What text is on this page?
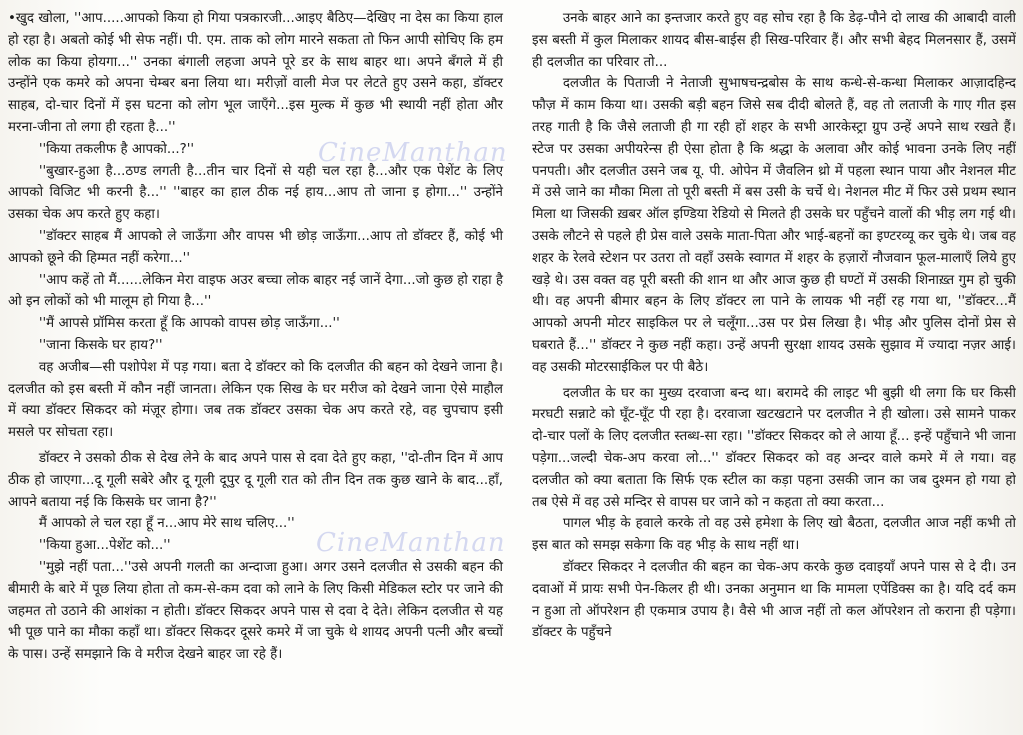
•खुद खोला, ''आप.....आपको किया हो गिया पत्रकारजी...आइए बैठिए—देखिए ना देस का किया हाल हो रहा है। अबतो कोई भी सेफ नहीं। पी. एम. ताक को लोग मारने सकता तो फिन आपी सोचिए कि हम लोक का किया होयगा...'' उनका बंगाली लहजा अपने पूरे डर के साथ बाहर था। अपने बँगले में ही उन्होंने एक कमरे को अपना चेम्बर बना लिया था। मरीज़ों वाली मेज पर लेटते हुए उसने कहा, डॉक्टर साहब, दो-चार दिनों में इस घटना को लोग भूल जाएँगे...इस मुल्क में कुछ भी स्थायी नहीं होता और मरना-जीना तो लगा ही रहता है...''

''किया तकलीफ है आपको...?''

''बुखार-हुआ है...ठण्ड लगती है...तीन चार दिनों से यही चल रहा है...और एक पेशेंट के लिए आपको विजिट भी करनी है...'' ''बाहर का हाल ठीक नई हाय...आप तो जाना इ होगा...'' उन्होंने उसका चेक अप करते हुए कहा।

''डॉक्टर साहब मैं आपको ले जाऊँगा और वापस भी छोड़ जाऊँगा...आप तो डॉक्टर हैं, कोई भी आपको छूने की हिम्मत नहीं करेगा...''

''आप कहें तो मैं......लेकिन मेरा वाइफ अउर बच्चा लोक बाहर नई जानें देगा...जो कुछ हो राहा है ओ इन लोकों को भी मालूम हो गिया है...''

''मैं आपसे प्रॉमिस करता हूँ कि आपको वापस छोड़ जाऊँगा...''

''जाना किसके घर हाय?''

वह अजीब—सी पशोपेश में पड़ गया। बता दे डॉक्टर को कि दलजीत की बहन को देखने जाना है। दलजीत को इस बस्ती में कौन नहीं जानता। लेकिन एक सिख के घर मरीज को देखने जाना ऐसे माहौल में क्या डॉक्टर सिकदर को मंज़ूर होगा। जब तक डॉक्टर उसका चेक अप करते रहे, वह चुपचाप इसी मसले पर सोचता रहा।

डॉक्टर ने उसको ठीक से देख लेने के बाद अपने पास से दवा देते हुए कहा, ''दो-तीन दिन में आप ठीक हो जाएगा...दू गूली सबेरे और दू गूली दूपुर दू गूली रात को तीन दिन तक कुछ खाने के बाद...हाँ, आपने बताया नई कि किसके घर जाना है?''

मैं आपको ले चल रहा हूँ न...आप मेरे साथ चलिए...''

''किया हुआ...पेशेंट को...''

''मुझे नहीं पता...''उसे अपनी गलती का अन्दाजा हुआ। अगर उसने दलजीत से उसकी बहन की बीमारी के बारे में पूछ लिया होता तो कम-से-कम दवा को लाने के लिए किसी मेडिकल स्टोर पर जाने की जहमत तो उठाने की आशंका न होती। डॉक्टर सिकदर अपने पास से दवा दे देते। लेकिन दलजीत से यह भी पूछ पाने का मौका कहाँ था। डॉक्टर सिकदर दूसरे कमरे में जा चुके थे शायद अपनी पत्नी और बच्चों के पास। उन्हें समझाने कि वे मरीज देखने बाहर जा रहे हैं।

उनके बाहर आने का इन्तजार करते हुए वह सोच रहा है कि डेढ़-पौने दो लाख की आबादी वाली इस बस्ती में कुल मिलाकर शायद बीस-बाईस ही सिख-परिवार हैं। और सभी बेहद मिलनसार हैं, उसमें ही दलजीत का परिवार तो...

दलजीत के पिताजी ने नेताजी सुभाषचन्द्रबोस के साथ कन्धे-से-कन्धा मिलाकर आज़ादहिन्द फौज़ में काम किया था। उसकी बड़ी बहन जिसे सब दीदी बोलते हैं, वह तो लताजी के गाए गीत इस तरह गाती है कि जैसे लताजी ही गा रही हों शहर के सभी आरकेस्ट्रा ग्रुप उन्हें अपने साथ रखते हैं। स्टेज पर उसका अपीयरेन्स ही ऐसा होता है कि श्रद्धा के अलावा और कोई भावना उनके लिए नहीं पनपती। और दलजीत उसने जब यू. पी. ओपेन में जैवलिन थ्रो में पहला स्थान पाया और नेशनल मीट में उसे जाने का मौका मिला तो पूरी बस्ती में बस उसी के चर्चे थे। नेशनल मीट में फिर उसे प्रथम स्थान मिला था जिसकी ख़बर ऑल इण्डिया रेडियो से मिलते ही उसके घर पहुँचने वालों की भीड़ लग गई थी। उसके लौटने से पहले ही प्रेस वाले उसके माता-पिता और भाई-बहनों का इण्टरव्यू कर चुके थे। जब वह शहर के रेलवे स्टेशन पर उतरा तो वहाँ उसके स्वागत में शहर के हज़ारों नौजवान फूल-मालाएँ लिये हुए खड़े थे। उस वक्त वह पूरी बस्ती की शान था और आज कुछ ही घण्टों में उसकी शिनाख़्त गुम हो चुकी थी। वह अपनी बीमार बहन के लिए डॉक्टर ला पाने के लायक भी नहीं रह गया था, ''डॉक्टर...मैं आपको अपनी मोटर साइकिल पर ले चलूँगा...उस पर प्रेस लिखा है। भीड़ और पुलिस दोनों प्रेस से घबराते हैं...'' डॉक्टर ने कुछ नहीं कहा। उन्हें अपनी सुरक्षा शायद उसके सुझाव में ज्यादा नज़र आई। वह उसकी मोटरसाईकिल पर पी बैठे।

दलजीत के घर का मुख्य दरवाजा बन्द था। बरामदे की लाइट भी बुझी थी लगा कि घर किसी मरघटी सन्नाटे को घूँट-घूँट पी रहा है। दरवाजा खटखटाने पर दलजीत ने ही खोला। उसे सामने पाकर दो-चार पलों के लिए दलजीत स्तब्ध-सा रहा। ''डॉक्टर सिकदर को ले आया हूँ... इन्हें पहुँचाने भी जाना पड़ेगा...जल्दी चेक-अप करवा लो...'' डॉक्टर सिकदर को वह अन्दर वाले कमरे में ले गया। वह दलजीत को क्या बताता कि सिर्फ एक स्टील का कड़ा पहना उसकी जान का जब दुश्मन हो गया हो तब ऐसे में वह उसे मन्दिर से वापस घर जाने को न कहता तो क्या करता...

पागल भीड़ के हवाले करके तो वह उसे हमेशा के लिए खो बैठता, दलजीत आज नहीं कभी तो इस बात को समझ सकेगा कि वह भीड़ के साथ नहीं था।

डॉक्टर सिकदर ने दलजीत की बहन का चेक-अप करके कुछ दवाइयाँ अपने पास से दे दी। उन दवाओं में प्रायः सभी पेन-किलर ही थी। उनका अनुमान था कि मामला एपेंडिक्स का है। यदि दर्द कम न हुआ तो ऑपरेशन ही एकमात्र उपाय है। वैसे भी आज नहीं तो कल ऑपरेशन तो कराना ही पड़ेगा। डॉक्टर के पहुँचने

CineManthan
CineManthan
